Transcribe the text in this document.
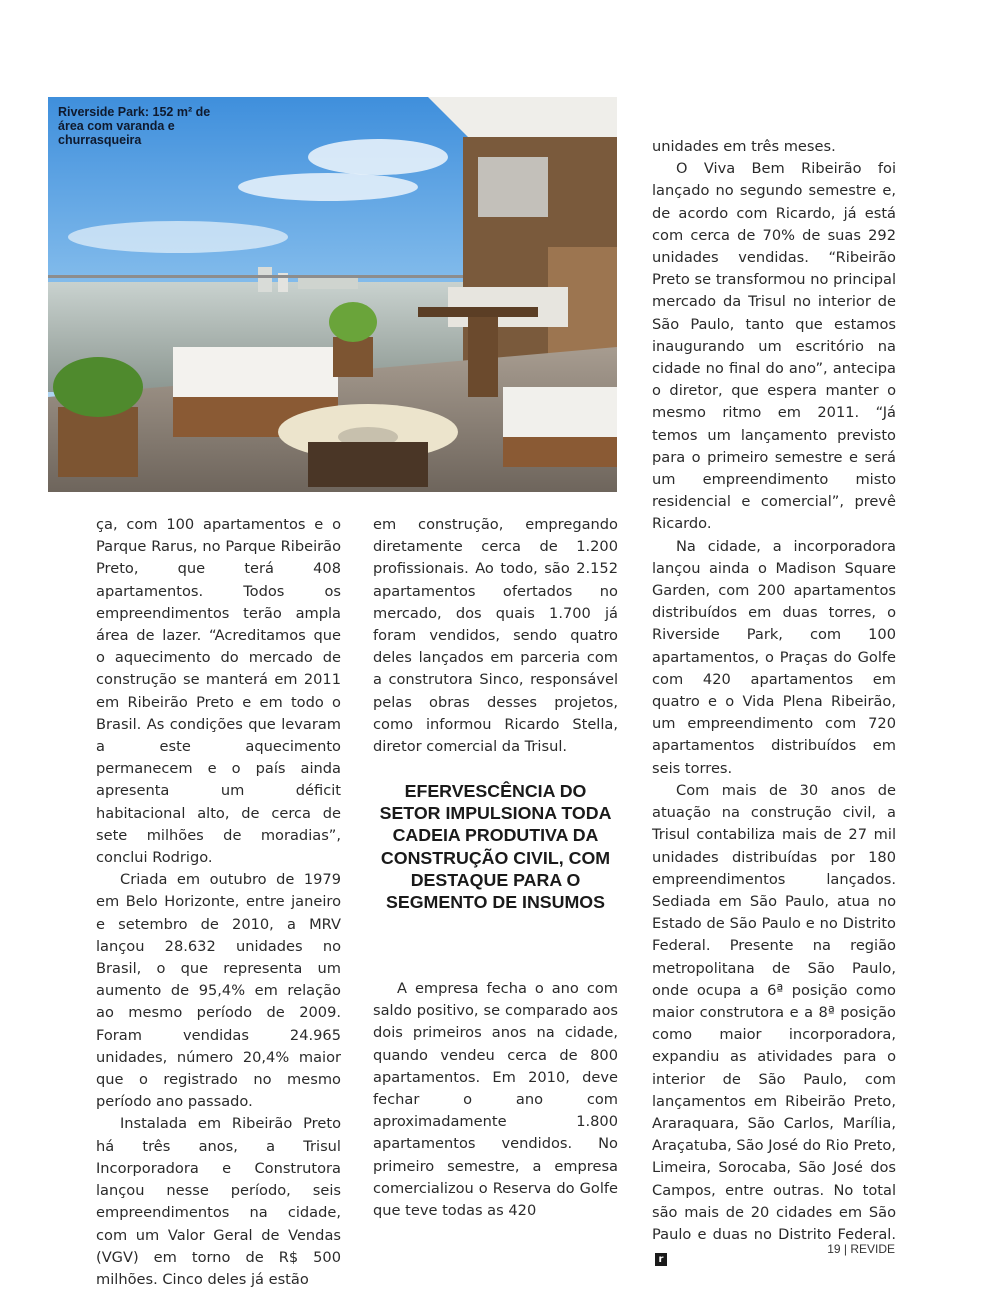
Riverside Park: 152 m² de área com varanda e churrasqueira

ça, com 100 apartamentos e o Parque Rarus, no Parque Ribeirão Preto, que terá 408 apartamentos. Todos os empreendimentos terão ampla área de lazer. “Acreditamos que o aquecimento do mercado de construção se manterá em 2011 em Ribeirão Preto e em todo o Brasil. As condições que levaram a este aquecimento permanecem e o país ainda apresenta um déficit habitacional alto, de cerca de sete milhões de moradias”, conclui Rodrigo.

Criada em outubro de 1979 em Belo Horizonte, entre janeiro e setembro de 2010, a MRV lançou 28.632 unidades no Brasil, o que representa um aumento de 95,4% em relação ao mesmo período de 2009. Foram vendidas 24.965 unidades, número 20,4% maior que o registrado no mesmo período ano passado.

Instalada em Ribeirão Preto há três anos, a Trisul Incorporadora e Construtora lançou nesse período, seis empreendimentos na cidade, com um Valor Geral de Vendas (VGV) em torno de R$ 500 milhões. Cinco deles já estão

em construção, empregando diretamente cerca de 1.200 profissionais. Ao todo, são 2.152 apartamentos ofertados no mercado, dos quais 1.700 já foram vendidos, sendo quatro deles lançados em parceria com a construtora Sinco, responsável pelas obras desses projetos, como informou Ricardo Stella, diretor comercial da Trisul.

EFERVESCÊNCIA DO SETOR IMPULSIONA TODA CADEIA PRODUTIVA DA CONSTRUÇÃO CIVIL, COM DESTAQUE PARA O SEGMENTO DE INSUMOS

A empresa fecha o ano com saldo positivo, se comparado aos dois primeiros anos na cidade, quando vendeu cerca de 800 apartamentos. Em 2010, deve fechar o ano com aproximadamente 1.800 apartamentos vendidos. No primeiro semestre, a empresa comercializou o Reserva do Golfe que teve todas as 420

unidades em três meses.

O Viva Bem Ribeirão foi lançado no segundo semestre e, de acordo com Ricardo, já está com cerca de 70% de suas 292 unidades vendidas. “Ribeirão Preto se transformou no principal mercado da Trisul no interior de São Paulo, tanto que estamos inaugurando um escritório na cidade no final do ano”, antecipa o diretor, que espera manter o mesmo ritmo em 2011. “Já temos um lançamento previsto para o primeiro semestre e será um empreendimento misto residencial e comercial”, prevê Ricardo.

Na cidade, a incorporadora lançou ainda o Madison Square Garden, com 200 apartamentos distribuídos em duas torres, o Riverside Park, com 100 apartamentos, o Praças do Golfe com 420 apartamentos em quatro e o Vida Plena Ribeirão, um empreendimento com 720 apartamentos distribuídos em seis torres.

Com mais de 30 anos de atuação na construção civil, a Trisul contabiliza mais de 27 mil unidades distribuídas por 180 empreendimentos lançados. Sediada em São Paulo, atua no Estado de São Paulo e no Distrito Federal. Presente na região metropolitana de São Paulo, onde ocupa a 6ª posição como maior construtora e a 8ª posição como maior incorporadora, expandiu as atividades para o interior de São Paulo, com lançamentos em Ribeirão Preto, Araraquara, São Carlos, Marília, Araçatuba, São José do Rio Preto, Limeira, Sorocaba, São José dos Campos, entre outras. No total são mais de 20 cidades em São Paulo e duas no Distrito Federal.r

19 | REVIDE
